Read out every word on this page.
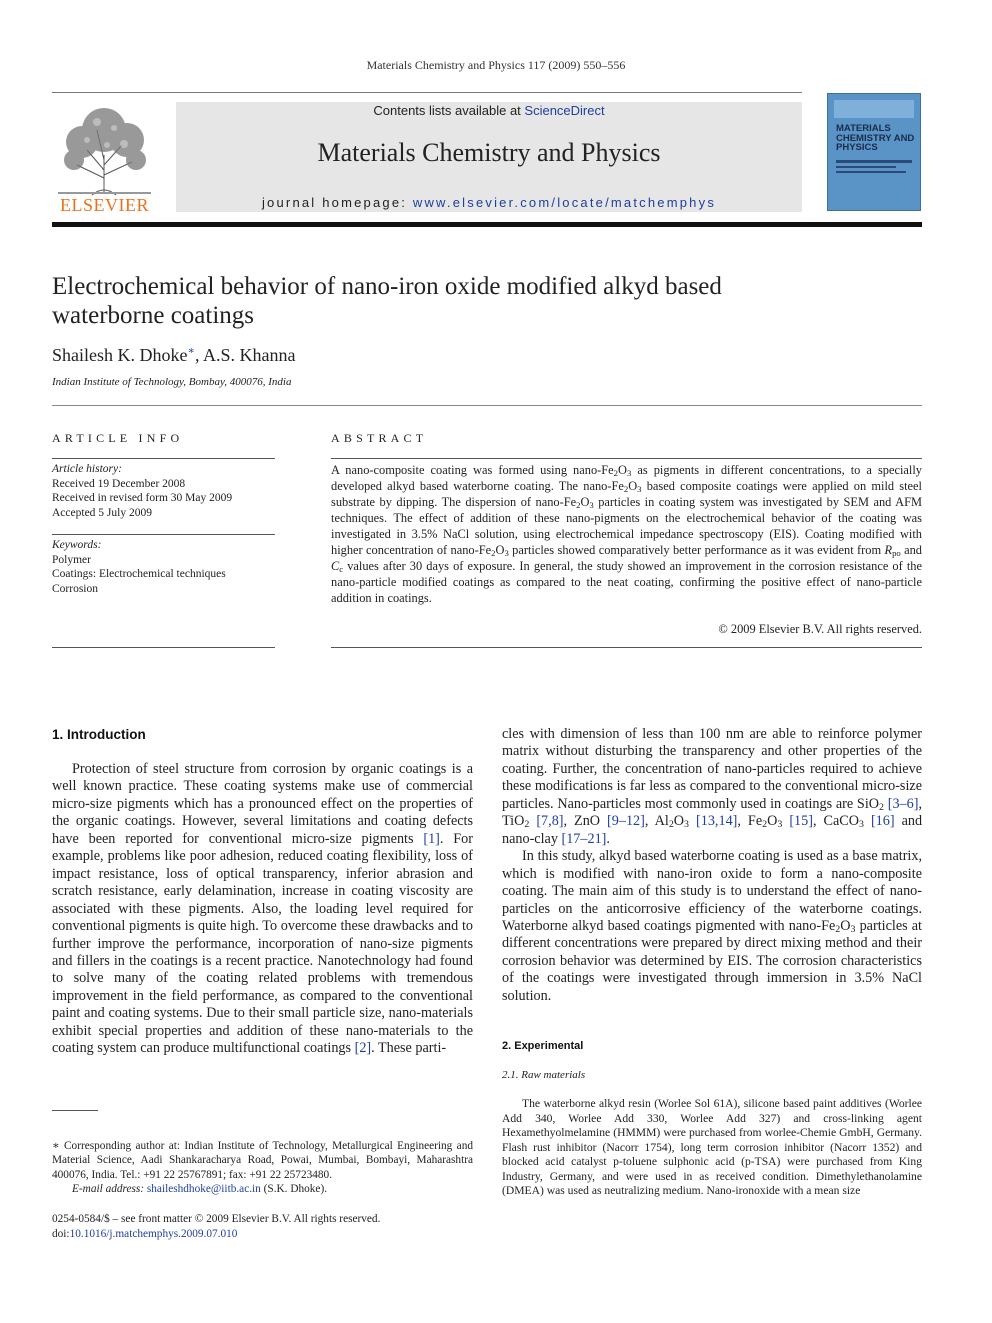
Materials Chemistry and Physics 117 (2009) 550–556
ELSEVIER
Contents lists available at ScienceDirect
Materials Chemistry and Physics
journal homepage: www.elsevier.com/locate/matchemphys
MATERIALS CHEMISTRY AND PHYSICS
Electrochemical behavior of nano-iron oxide modified alkyd based waterborne coatings
Shailesh K. Dhoke∗, A.S. Khanna
Indian Institute of Technology, Bombay, 400076, India
ARTICLE INFO
Article history:
Received 19 December 2008
Received in revised form 30 May 2009
Accepted 5 July 2009
Keywords:
Polymer
Coatings: Electrochemical techniques
Corrosion
ABSTRACT
A nano-composite coating was formed using nano-$Fe_2O_3$ as pigments in different concentrations, to a specially developed alkyd based waterborne coating. The nano-$Fe_2O_3$ based composite coatings were applied on mild steel substrate by dipping. The dispersion of nano-$Fe_2O_3$ particles in coating system was investigated by SEM and AFM techniques. The effect of addition of these nano-pigments on the electrochemical behavior of the coating was investigated in 3.5% NaCl solution, using electrochemical impedance spectroscopy (EIS). Coating modified with higher concentration of nano-$Fe_2O_3$ particles showed comparatively better performance as it was evident from $R_{po}$ and $C_c$ values after 30 days of exposure. In general, the study showed an improvement in the corrosion resistance of the nano-particle modified coatings as compared to the neat coating, confirming the positive effect of nano-particle addition in coatings.
© 2009 Elsevier B.V. All rights reserved.
1. Introduction

Protection of steel structure from corrosion by organic coatings is a well known practice. These coating systems make use of commercial micro-size pigments which has a pronounced effect on the properties of the organic coatings. However, several limitations and coating defects have been reported for conventional micro-size pigments [1]. For example, problems like poor adhesion, reduced coating flexibility, loss of impact resistance, loss of optical transparency, inferior abrasion and scratch resistance, early delamination, increase in coating viscosity are associated with these pigments. Also, the loading level required for conventional pigments is quite high. To overcome these drawbacks and to further improve the performance, incorporation of nano-size pigments and fillers in the coatings is a recent practice. Nanotechnology had found to solve many of the coating related problems with tremendous improvement in the field performance, as compared to the conventional paint and coating systems. Due to their small particle size, nano-materials exhibit special properties and addition of these nano-materials to the coating system can produce multifunctional coatings [2]. These parti-

cles with dimension of less than 100 nm are able to reinforce polymer matrix without disturbing the transparency and other properties of the coating. Further, the concentration of nano-particles required to achieve these modifications is far less as compared to the conventional micro-size particles. Nano-particles most commonly used in coatings are SiO$_2$ [3–6], TiO$_2$ [7,8], ZnO [9–12], $Al_2O_3$ [13,14], $Fe_2O_3$ [15], CaCO$_3$ [16] and nano-clay [17–21].

In this study, alkyd based waterborne coating is used as a base matrix, which is modified with nano-iron oxide to form a nano-composite coating. The main aim of this study is to understand the effect of nano-particles on the anticorrosive efficiency of the waterborne coatings. Waterborne alkyd based coatings pigmented with nano-$Fe_2O_3$ particles at different concentrations were prepared by direct mixing method and their corrosion behavior was determined by EIS. The corrosion characteristics of the coatings were investigated through immersion in 3.5% NaCl solution.

2. Experimental
2.1. Raw materials

The waterborne alkyd resin (Worlee Sol 61A), silicone based paint additives (Worlee Add 340, Worlee Add 330, Worlee Add 327) and cross-linking agent Hexamethyolmelamine (HMMM) were purchased from worlee-Chemie GmbH, Germany. Flash rust inhibitor (Nacorr 1754), long term corrosion inhibitor (Nacorr 1352) and blocked acid catalyst p-toluene sulphonic acid (p-TSA) were purchased from King Industry, Germany, and were used in as received condition. Dimethylethanolamine (DMEA) was used as neutralizing medium. Nano-ironoxide with a mean size

∗ Corresponding author at: Indian Institute of Technology, Metallurgical Engineering and Material Science, Aadi Shankaracharya Road, Powai, Mumbai, Bombayi, Maharashtra 400076, India. Tel.: +91 22 25767891; fax: +91 22 25723480.

E-mail address: shaileshdhoke@iitb.ac.in (S.K. Dhoke).

0254-0584/$ – see front matter © 2009 Elsevier B.V. All rights reserved.
doi:10.1016/j.matchemphys.2009.07.010
